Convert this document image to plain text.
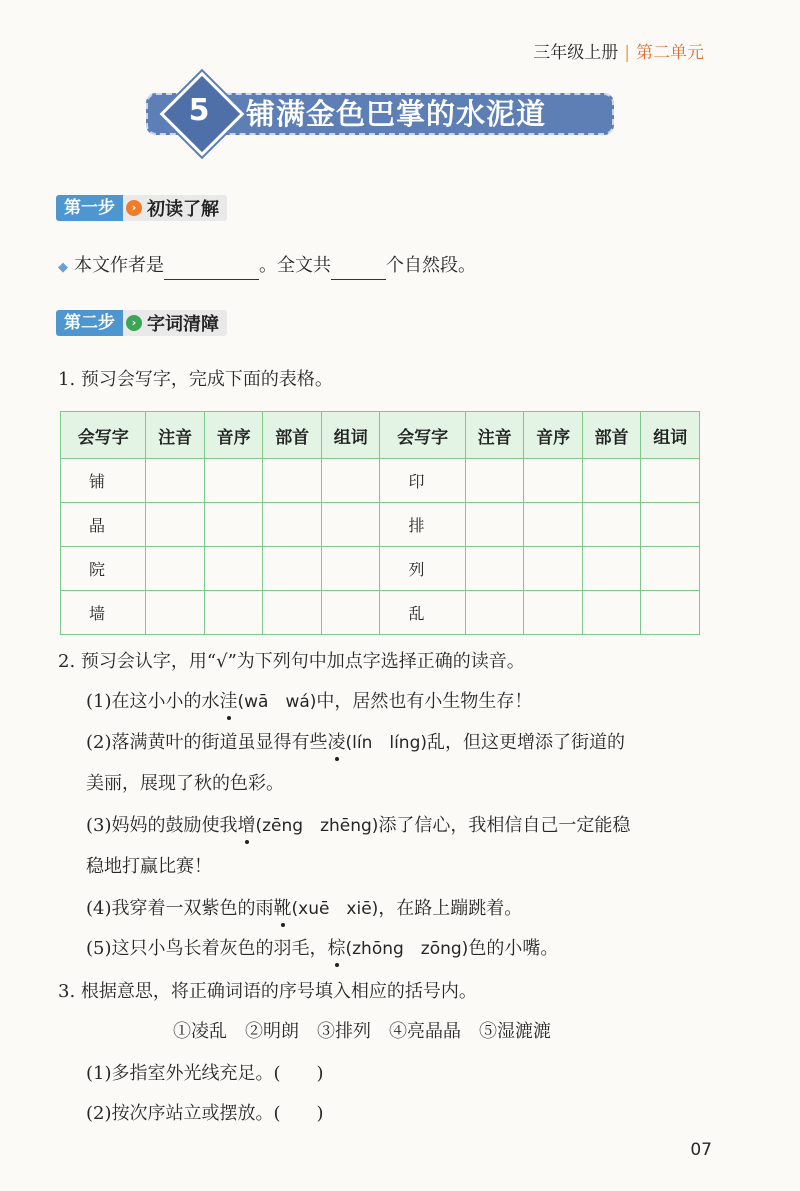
三年级上册 | 第二单元
5	铺满金色巴掌的水泥道
第一步	› 初读了解
◆ 本文作者是	。全文共	个自然段。
第二步	› 字词清障
1. 预习会写字，完成下面的表格。
会写字	注音	音序	部首	组词	会写字	注音	音序	部首	组词
铺					印				
晶					排				
院					列				
墙					乱				
2. 预习会认字，用“√”为下列句中加点字选择正确的读音。
(1)在这小小的水洼(wā　wá)中，居然也有小生物生存！
(2)落满黄叶的街道虽显得有些凌(lín　líng)乱，但这更增添了街道的
美丽，展现了秋的色彩。
(3)妈妈的鼓励使我增(zēng　zhēng)添了信心，我相信自己一定能稳
稳地打赢比赛！
(4)我穿着一双紫色的雨靴(xuē　xiē)，在路上蹦跳着。
(5)这只小鸟长着灰色的羽毛，棕(zhōng　zōng)色的小嘴。
3. 根据意思，将正确词语的序号填入相应的括号内。
①凌乱　②明朗　③排列　④亮晶晶　⑤湿漉漉
(1)多指室外光线充足。(　　)
(2)按次序站立或摆放。(　　)
07
